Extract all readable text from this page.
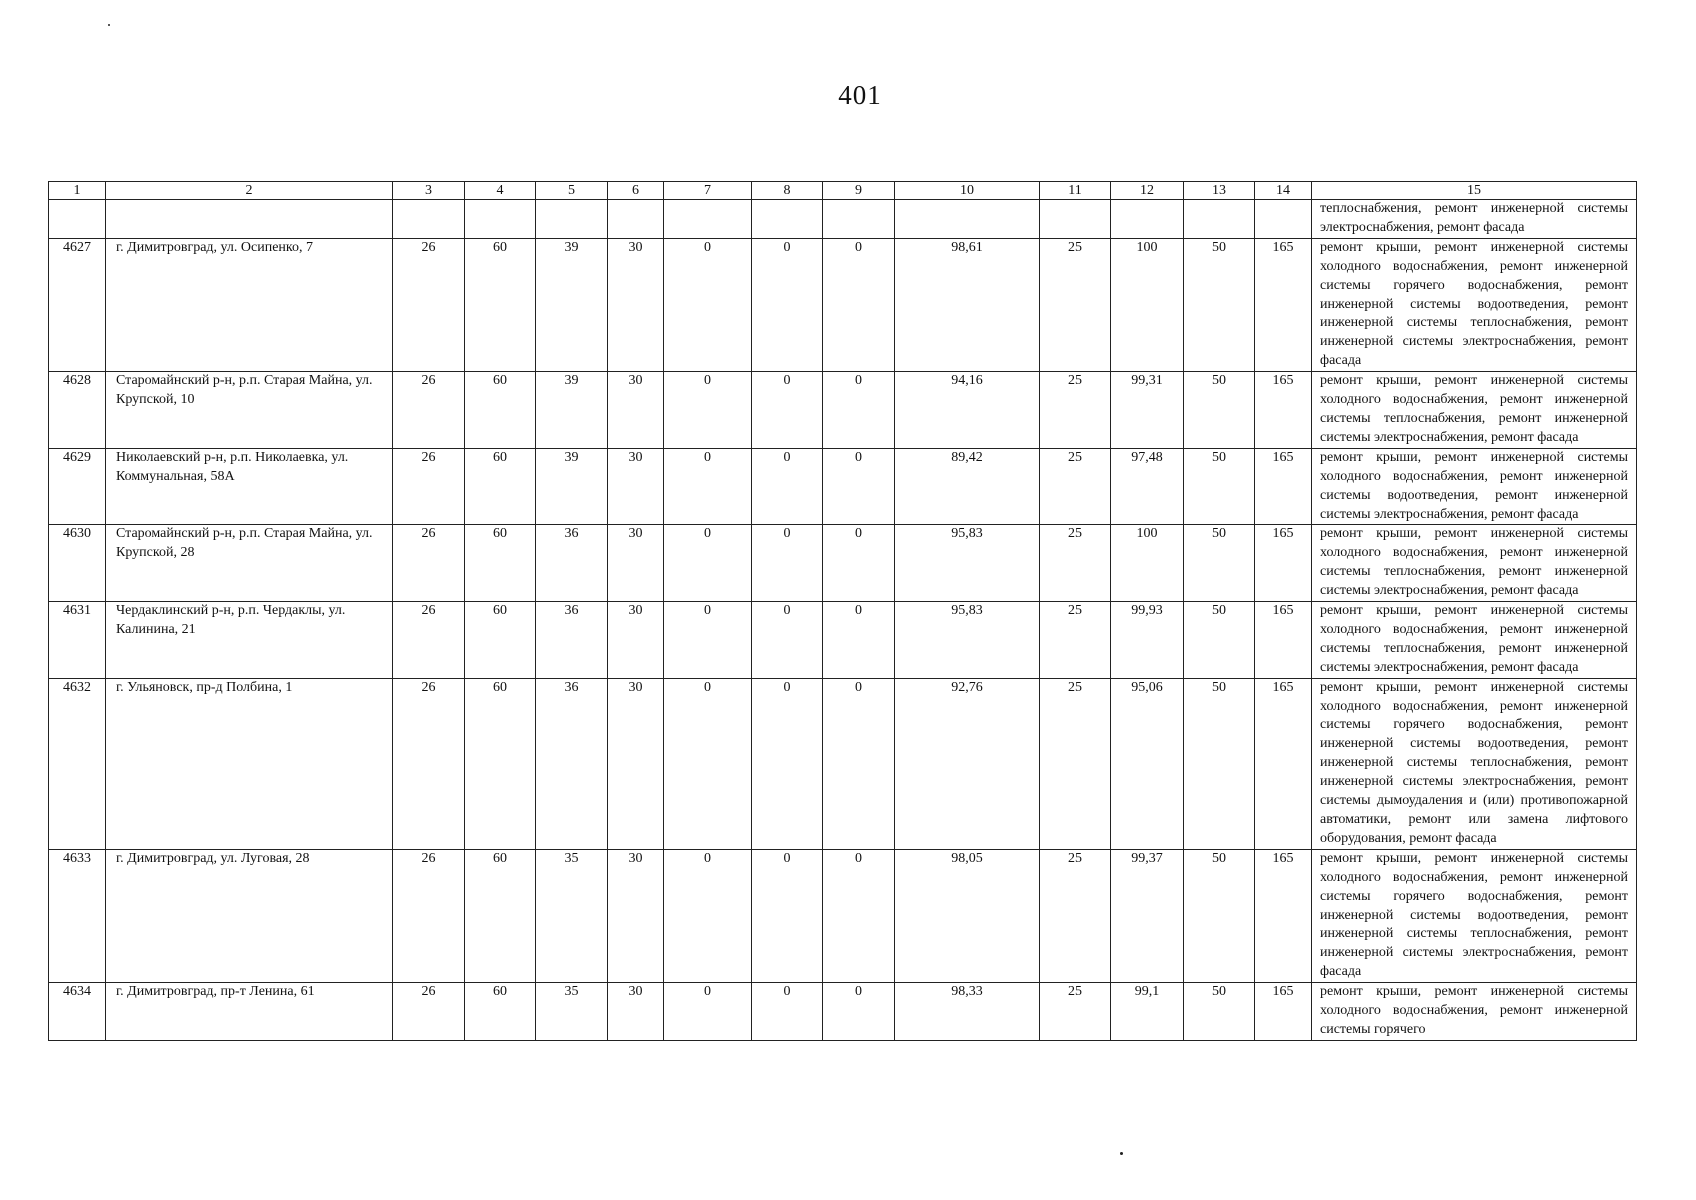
401
1	2	3	4	5	6	7	8	9	10	11	12	13	14	15
														теплоснабжения, ремонт инженерной системы электроснабжения, ремонт фасада
4627	г. Димитровград, ул. Осипенко, 7	26	60	39	30	0	0	0	98,61	25	100	50	165	ремонт крыши, ремонт инженерной системы холодного водоснабжения, ремонт инженерной системы горячего водоснабжения, ремонт инженерной системы водоотведения, ремонт инженерной системы теплоснабжения, ремонт инженерной системы электроснабжения, ремонт фасада
4628	Старомайнский р-н, р.п. Старая Майна, ул. Крупской, 10	26	60	39	30	0	0	0	94,16	25	99,31	50	165	ремонт крыши, ремонт инженерной системы холодного водоснабжения, ремонт инженерной системы теплоснабжения, ремонт инженерной системы электроснабжения, ремонт фасада
4629	Николаевский р-н, р.п. Николаевка, ул. Коммунальная, 58А	26	60	39	30	0	0	0	89,42	25	97,48	50	165	ремонт крыши, ремонт инженерной системы холодного водоснабжения, ремонт инженерной системы водоотведения, ремонт инженерной системы электроснабжения, ремонт фасада
4630	Старомайнский р-н, р.п. Старая Майна, ул. Крупской, 28	26	60	36	30	0	0	0	95,83	25	100	50	165	ремонт крыши, ремонт инженерной системы холодного водоснабжения, ремонт инженерной системы теплоснабжения, ремонт инженерной системы электроснабжения, ремонт фасада
4631	Чердаклинский р-н, р.п. Чердаклы, ул. Калинина, 21	26	60	36	30	0	0	0	95,83	25	99,93	50	165	ремонт крыши, ремонт инженерной системы холодного водоснабжения, ремонт инженерной системы теплоснабжения, ремонт инженерной системы электроснабжения, ремонт фасада
4632	г. Ульяновск, пр-д Полбина, 1	26	60	36	30	0	0	0	92,76	25	95,06	50	165	ремонт крыши, ремонт инженерной системы холодного водоснабжения, ремонт инженерной системы горячего водоснабжения, ремонт инженерной системы водоотведения, ремонт инженерной системы теплоснабжения, ремонт инженерной системы электроснабжения, ремонт системы дымоудаления и (или) противопожарной автоматики, ремонт или замена лифтового оборудования, ремонт фасада
4633	г. Димитровград, ул. Луговая, 28	26	60	35	30	0	0	0	98,05	25	99,37	50	165	ремонт крыши, ремонт инженерной системы холодного водоснабжения, ремонт инженерной системы горячего водоснабжения, ремонт инженерной системы водоотведения, ремонт инженерной системы теплоснабжения, ремонт инженерной системы электроснабжения, ремонт фасада
4634	г. Димитровград, пр-т Ленина, 61	26	60	35	30	0	0	0	98,33	25	99,1	50	165	ремонт крыши, ремонт инженерной системы холодного водоснабжения, ремонт инженерной системы горячего
